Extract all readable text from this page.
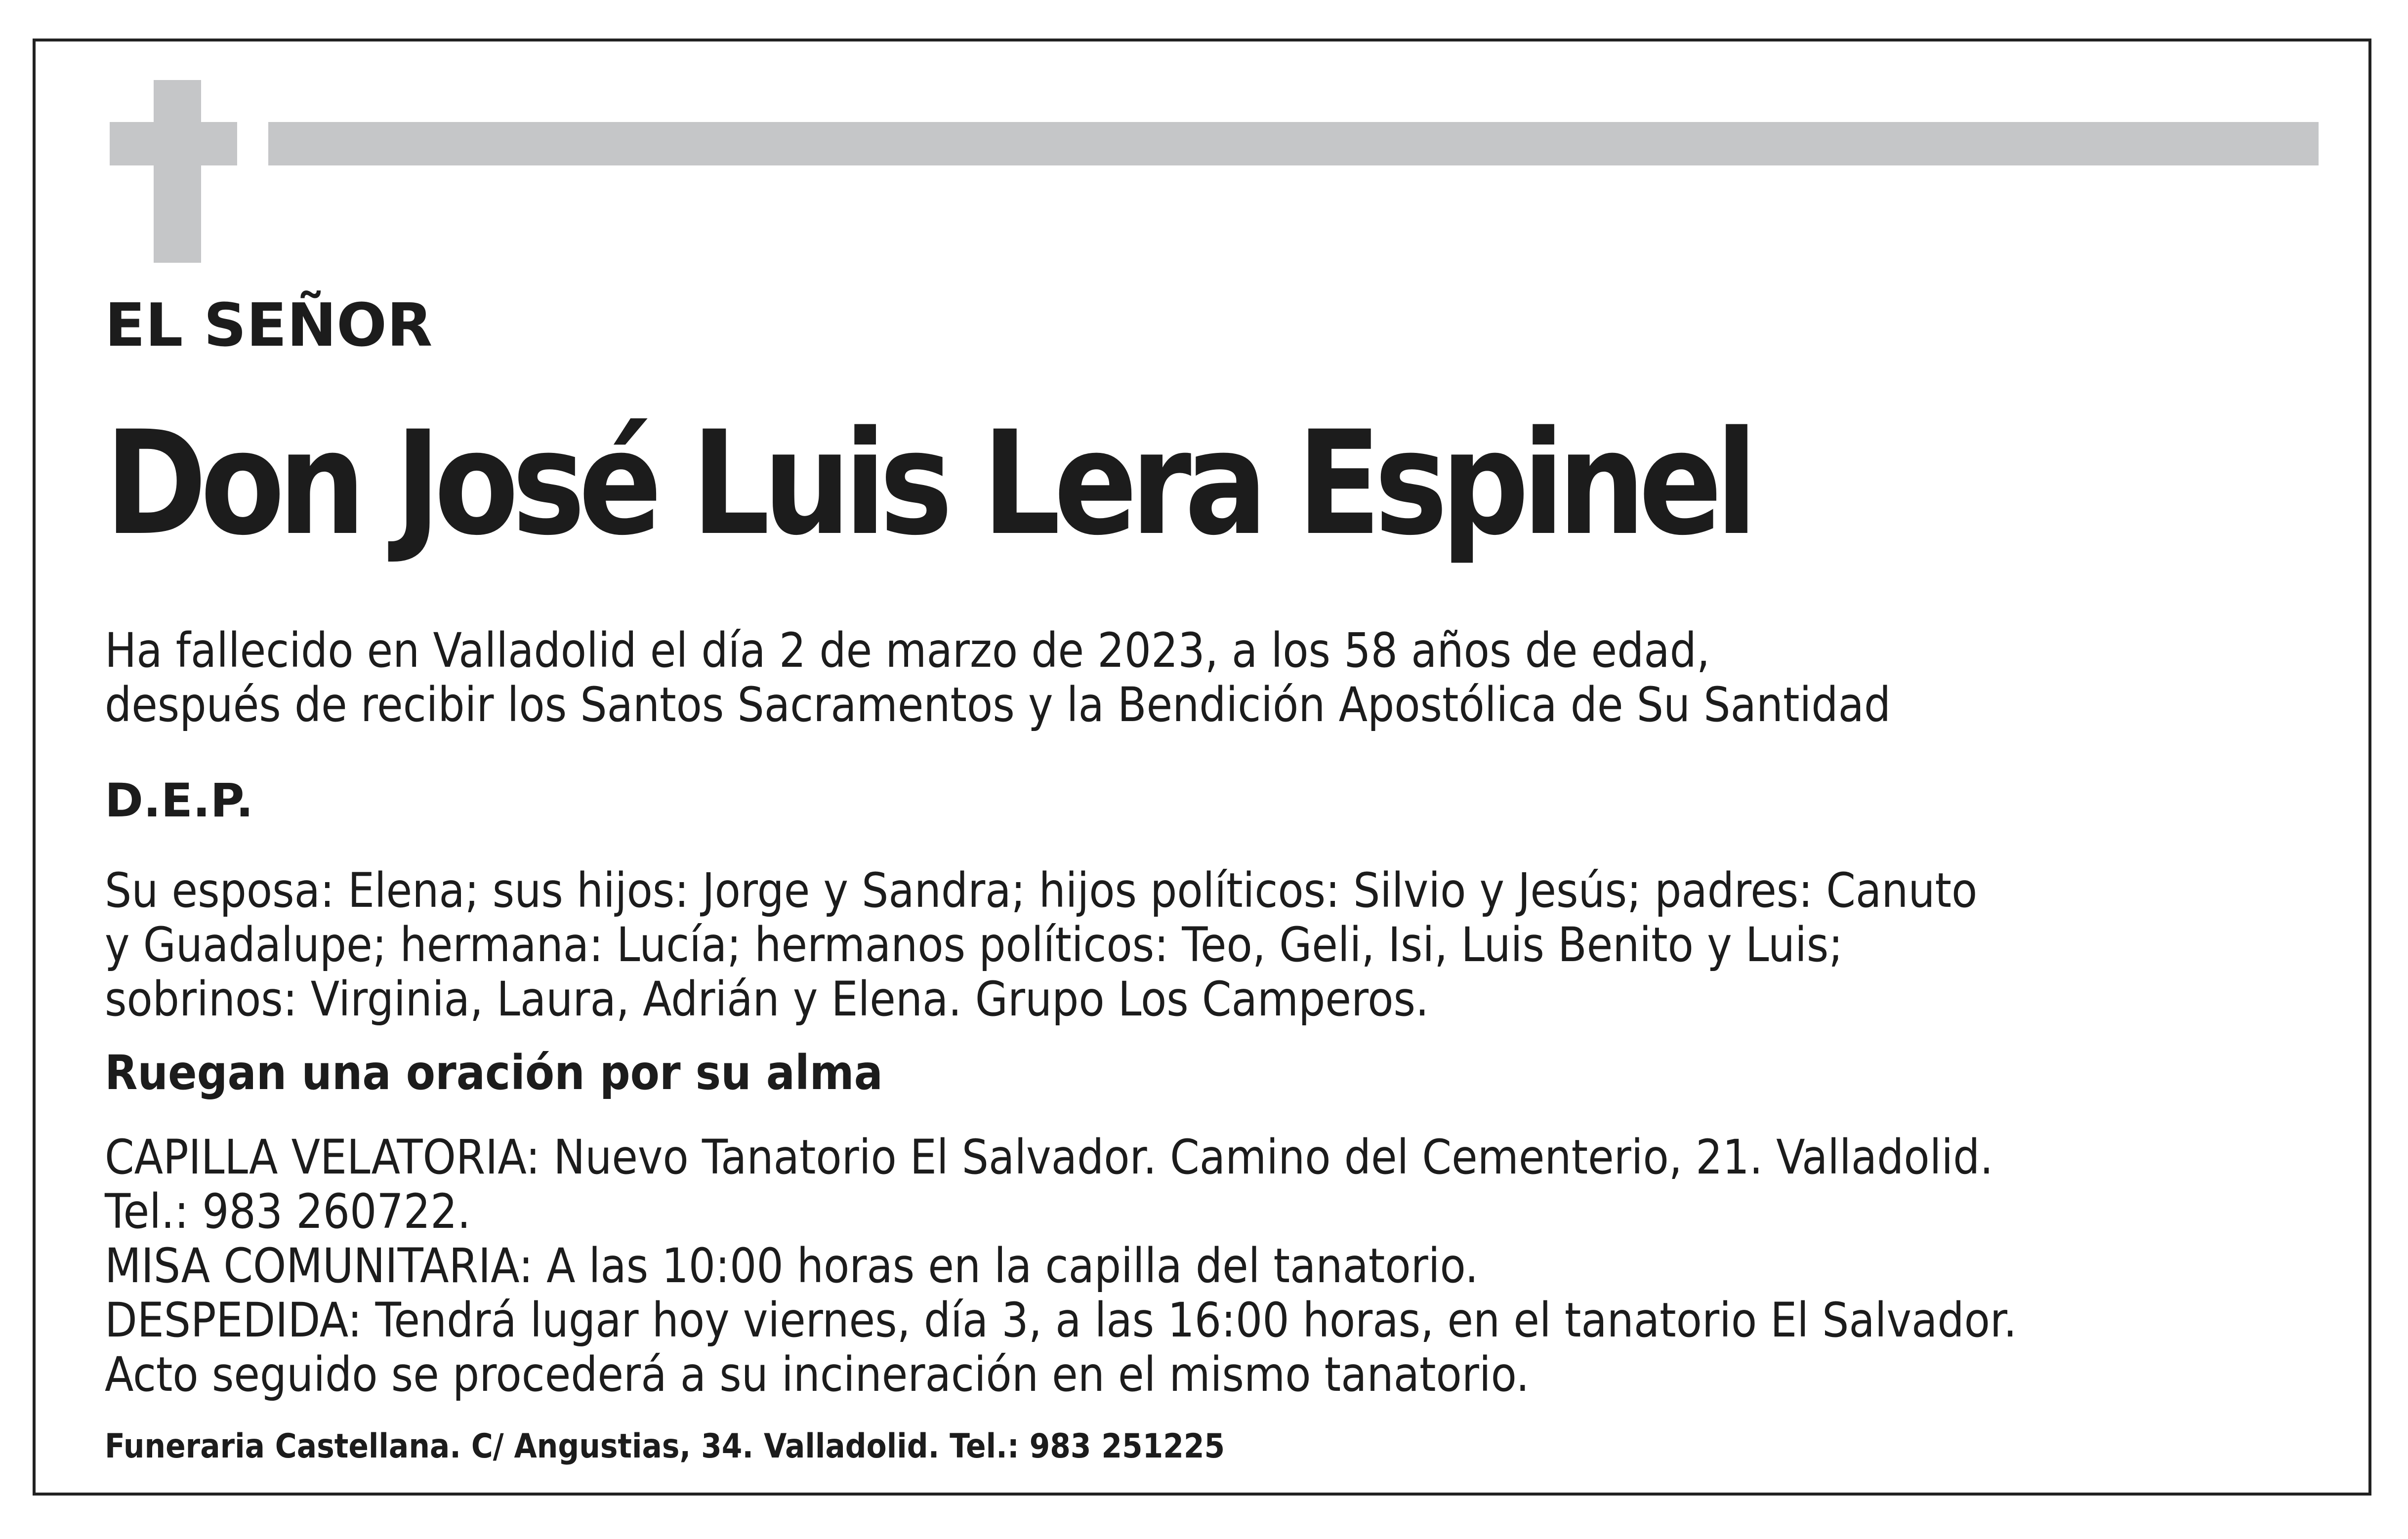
EL SEÑOR
Don José Luis Lera Espinel
Ha fallecido en Valladolid el día 2 de marzo de 2023, a los 58 años de edad,
después de recibir los Santos Sacramentos y la Bendición Apostólica de Su Santidad
D.E.P.
Su esposa: Elena; sus hijos: Jorge y Sandra; hijos políticos: Silvio y Jesús; padres: Canuto
y Guadalupe; hermana: Lucía; hermanos políticos: Teo, Geli, Isi, Luis Benito y Luis;
sobrinos: Virginia, Laura, Adrián y Elena. Grupo Los Camperos.
Ruegan una oración por su alma
CAPILLA VELATORIA: Nuevo Tanatorio El Salvador. Camino del Cementerio, 21. Valladolid.
Tel.: 983 260722.
MISA COMUNITARIA: A las 10:00 horas en la capilla del tanatorio.
DESPEDIDA: Tendrá lugar hoy viernes, día 3, a las 16:00 horas, en el tanatorio El Salvador.
Acto seguido se procederá a su incineración en el mismo tanatorio.
Funeraria Castellana. C/ Angustias, 34. Valladolid. Tel.: 983 251225
